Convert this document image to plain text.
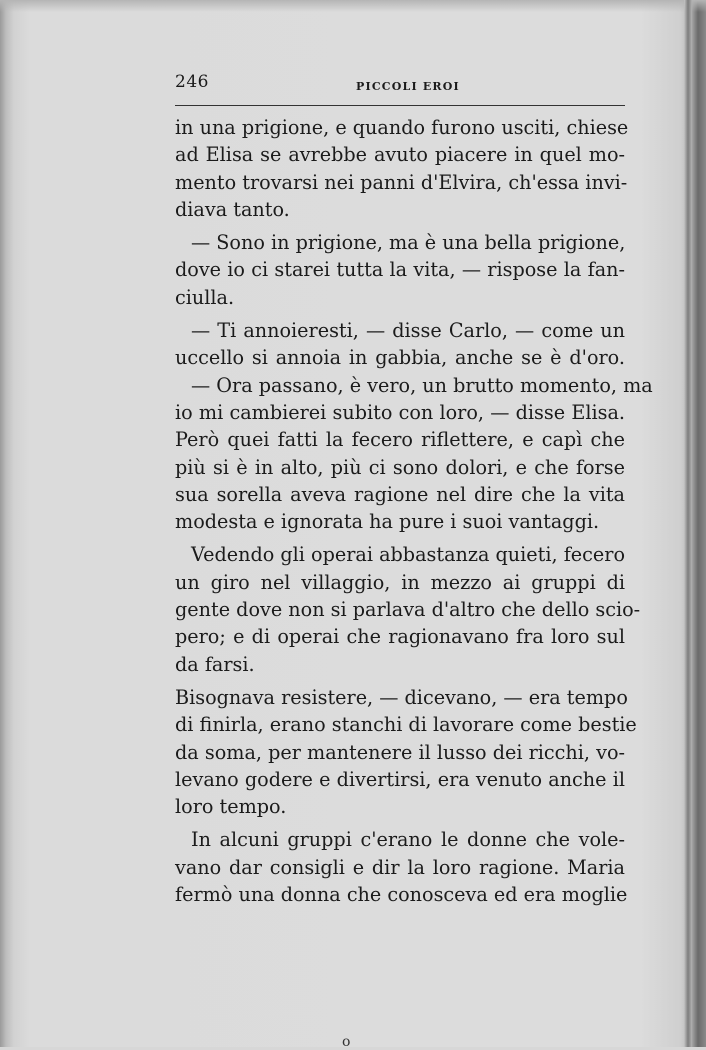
246	PICCOLI EROI
in una prigione, e quando furono usciti, chiese
ad Elisa se avrebbe avuto piacere in quel mo-
mento trovarsi nei panni d'Elvira, ch'essa invi-
diava tanto.
— Sono in prigione, ma è una bella prigione,
dove io ci starei tutta la vita, — rispose la fan-
ciulla.
— Ti annoieresti, — disse Carlo, — come un
uccello si annoia in gabbia, anche se è d'oro.
— Ora passano, è vero, un brutto momento, ma
io mi cambierei subito con loro, — disse Elisa.
Però quei fatti la fecero riflettere, e capì che
più si è in alto, più ci sono dolori, e che forse
sua sorella aveva ragione nel dire che la vita
modesta e ignorata ha pure i suoi vantaggi.
Vedendo gli operai abbastanza quieti, fecero
un giro nel villaggio, in mezzo ai gruppi di
gente dove non si parlava d'altro che dello scio-
pero; e di operai che ragionavano fra loro sul
da farsi.
Bisognava resistere, — dicevano, — era tempo
di finirla, erano stanchi di lavorare come bestie
da soma, per mantenere il lusso dei ricchi, vo-
levano godere e divertirsi, era venuto anche il
loro tempo.
In alcuni gruppi c'erano le donne che vole-
vano dar consigli e dir la loro ragione. Maria
fermò una donna che conosceva ed era moglie
o
